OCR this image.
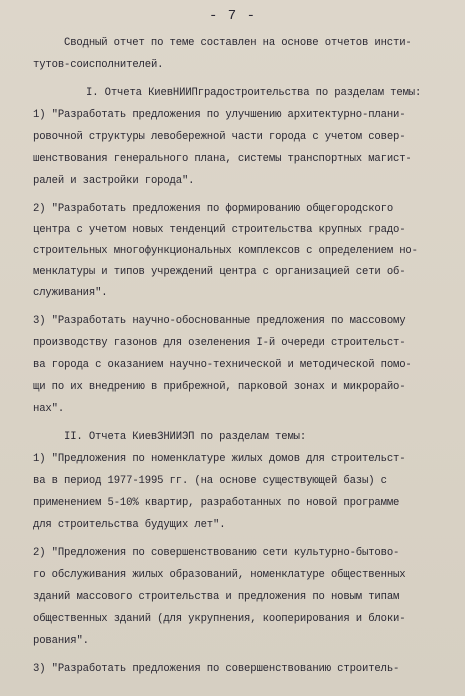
- 7 -
Сводный отчет по теме составлен на основе отчетов инсти-
тутов-соисполнителей.
I. Отчета КиевНИИПградостроительства по разделам темы:
1) "Разработать предложения по улучшению архитектурно-плани-
ровочной структуры левобережной части города с учетом совер-
шенствования генерального плана, системы транспортных магист-
ралей и застройки города".
2) "Разработать предложения по формированию общегородского
центра с учетом новых тенденций строительства крупных градо-
строительных многофункциональных комплексов с определением но-
менклатуры и типов учреждений центра с организацией сети об-
служивания".
3) "Разработать научно-обоснованные предложения по массовому
производству газонов для озеленения I-й очереди строительст-
ва города с оказанием научно-технической и методической помо-
щи по их внедрению в прибрежной, парковой зонах и микрорайо-
нах".
II. Отчета КиевЗНИИЭП по разделам темы:
1) "Предложения по номенклатуре жилых домов для строительст-
ва в период 1977-1995 гг. (на основе существующей базы) с
применением 5-10% квартир, разработанных по новой программе
для строительства будущих лет".
2) "Предложения по совершенствованию сети культурно-бытово-
го обслуживания жилых образований, номенклатуре общественных
зданий массового строительства и предложения по новым типам
общественных зданий (для укрупнения, кооперирования и блоки-
рования".
3) "Разработать предложения по совершенствованию строитель-
